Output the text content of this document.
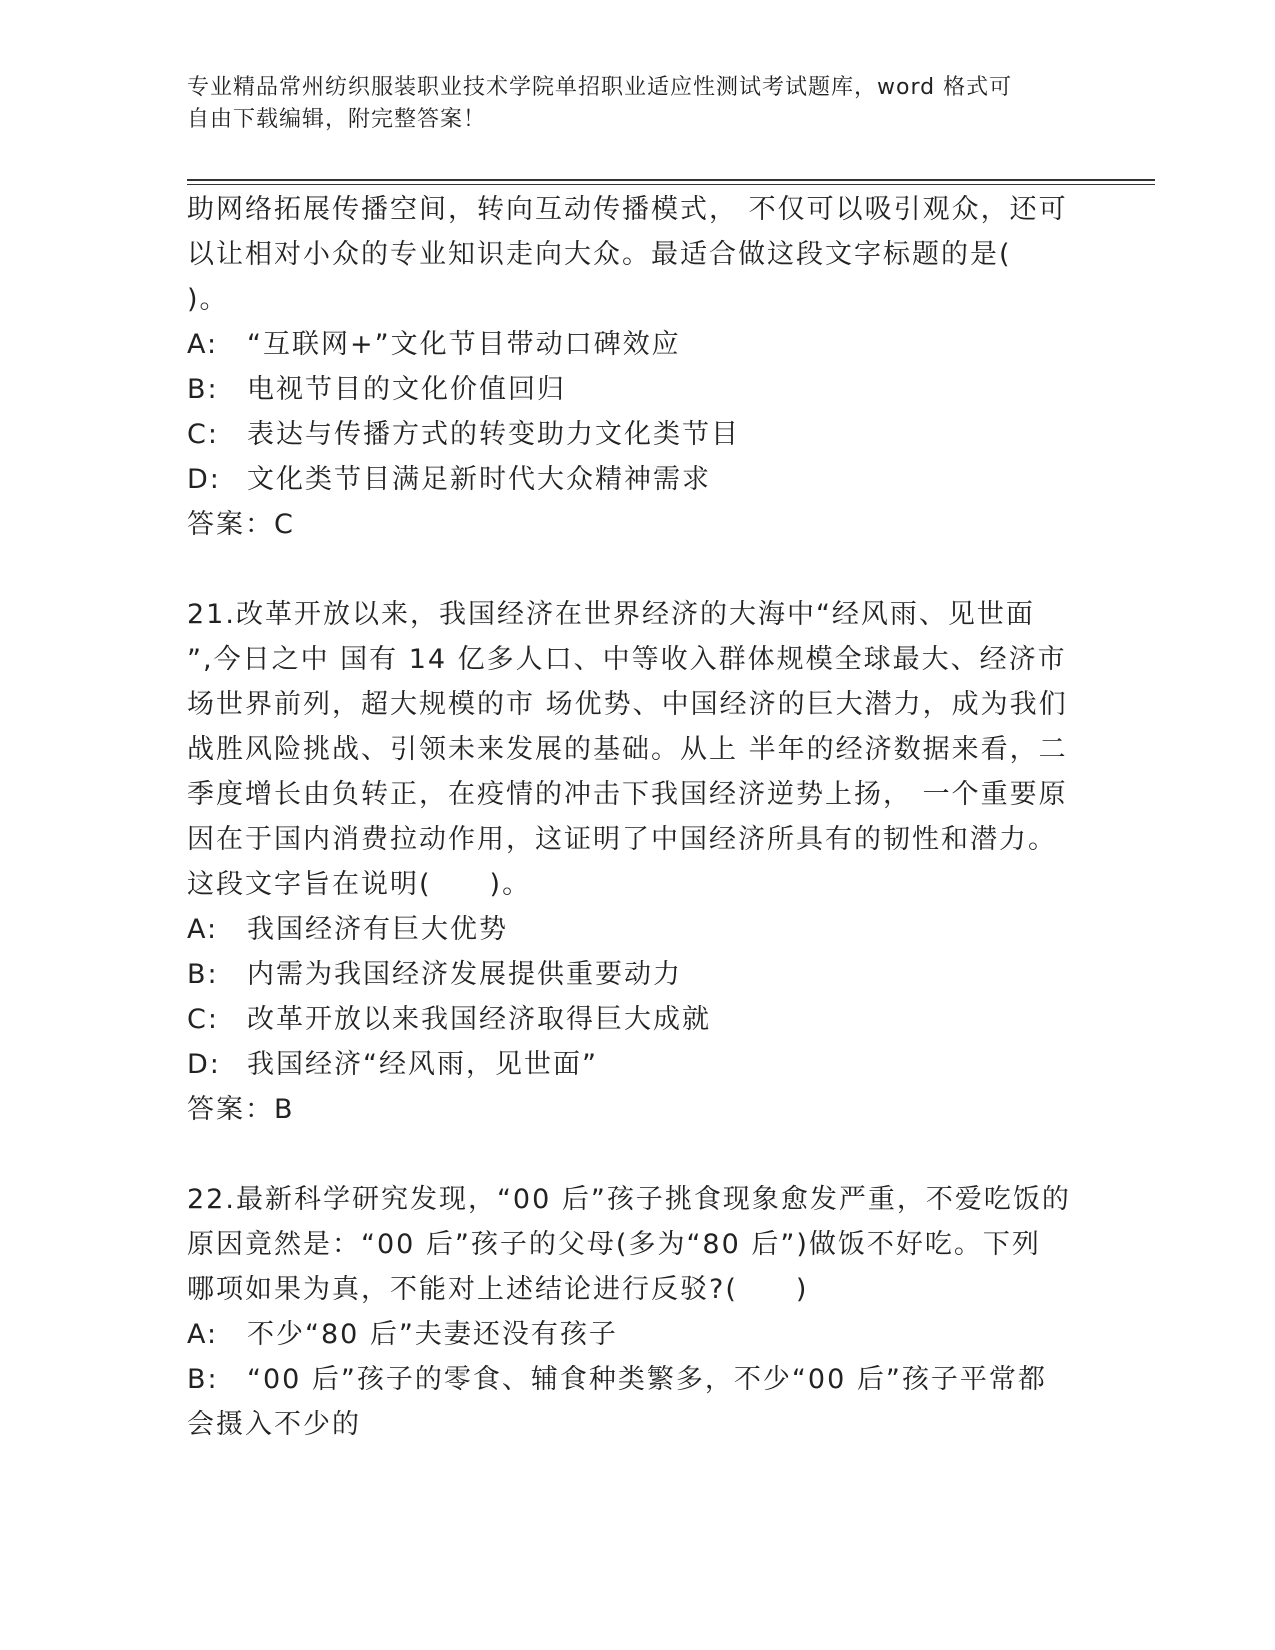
专业精品常州纺织服装职业技术学院单招职业适应性测试考试题库，word 格式可
自由下载编辑，附完整答案！

助网络拓展传播空间，转向互动传播模式， 不仅可以吸引观众，还可

以让相对小众的专业知识走向大众。最适合做这段文字标题的是(

)。

A:	“互联网+”文化节目带动口碑效应
B:	电视节目的文化价值回归
C:	表达与传播方式的转变助力文化类节目
D: 文化类节目满足新时代大众精神需求

答案：C

21.改革开放以来，我国经济在世界经济的大海中“经风雨、见世面

”,今日之中 国有 14 亿多人口、中等收入群体规模全球最大、经济市

场世界前列，超大规模的市 场优势、中国经济的巨大潜力，成为我们

战胜风险挑战、引领未来发展的基础。从上 半年的经济数据来看，二

季度增长由负转正，在疫情的冲击下我国经济逆势上扬， 一个重要原

因在于国内消费拉动作用，这证明了中国经济所具有的韧性和潜力。

这段文字旨在说明(　　)。

A:	我国经济有巨大优势
B:	内需为我国经济发展提供重要动力
C:	改革开放以来我国经济取得巨大成就
D: 我国经济“经风雨，见世面”

答案：B

22.最新科学研究发现，“00 后”孩子挑食现象愈发严重，不爱吃饭的

原因竟然是：“00 后”孩子的父母(多为“80 后”)做饭不好吃。下列

哪项如果为真，不能对上述结论进行反驳?(　　)

A:	不少“80 后”夫妻还没有孩子
B:	“00 后”孩子的零食、辅食种类繁多，不少“00 后”孩子平常都

会摄入不少的
